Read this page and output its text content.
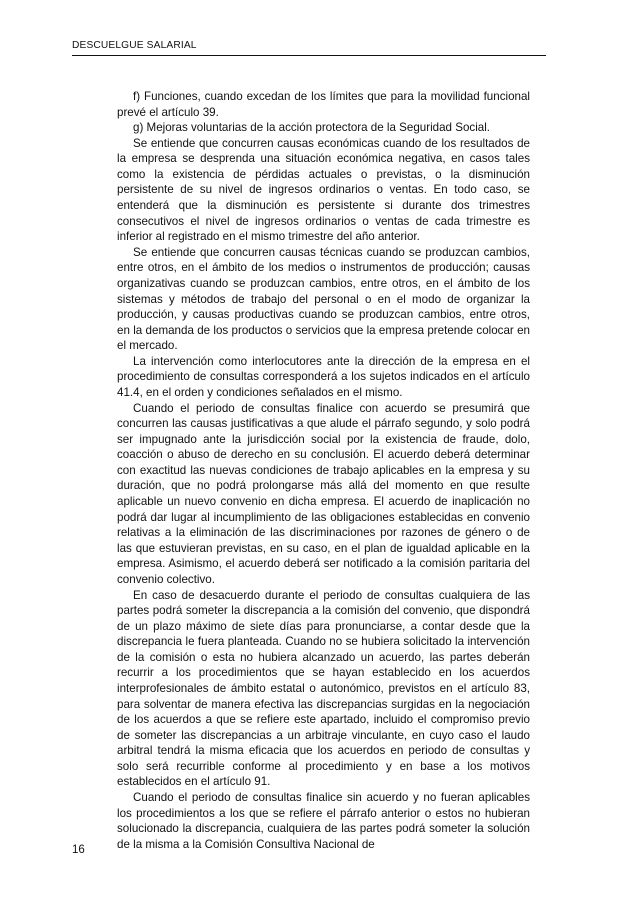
DESCUELGUE SALARIAL

f) Funciones, cuando excedan de los límites que para la movilidad funcional prevé el artículo 39.

g) Mejoras voluntarias de la acción protectora de la Seguridad Social.

Se entiende que concurren causas económicas cuando de los resultados de la empresa se desprenda una situación económica negativa, en casos tales como la existencia de pérdidas actuales o previstas, o la disminución persistente de su nivel de ingresos ordinarios o ventas. En todo caso, se entenderá que la disminución es persistente si durante dos trimestres consecutivos el nivel de ingresos ordinarios o ventas de cada trimestre es inferior al registrado en el mismo trimestre del año anterior.

Se entiende que concurren causas técnicas cuando se produzcan cambios, entre otros, en el ámbito de los medios o instrumentos de producción; causas organizativas cuando se produzcan cambios, entre otros, en el ámbito de los sistemas y métodos de trabajo del personal o en el modo de organizar la producción, y causas productivas cuando se produzcan cambios, entre otros, en la demanda de los productos o servicios que la empresa pretende colocar en el mercado.

La intervención como interlocutores ante la dirección de la empresa en el procedimiento de consultas corresponderá a los sujetos indicados en el artículo 41.4, en el orden y condiciones señalados en el mismo.

Cuando el periodo de consultas finalice con acuerdo se presumirá que concurren las causas justificativas a que alude el párrafo segundo, y solo podrá ser impugnado ante la jurisdicción social por la existencia de fraude, dolo, coacción o abuso de derecho en su conclusión. El acuerdo deberá determinar con exactitud las nuevas condiciones de trabajo aplicables en la empresa y su duración, que no podrá prolongarse más allá del momento en que resulte aplicable un nuevo convenio en dicha empresa. El acuerdo de inaplicación no podrá dar lugar al incumplimiento de las obligaciones establecidas en convenio relativas a la eliminación de las discriminaciones por razones de género o de las que estuvieran previstas, en su caso, en el plan de igualdad aplicable en la empresa. Asimismo, el acuerdo deberá ser notificado a la comisión paritaria del convenio colectivo.

En caso de desacuerdo durante el periodo de consultas cualquiera de las partes podrá someter la discrepancia a la comisión del convenio, que dispondrá de un plazo máximo de siete días para pronunciarse, a contar desde que la discrepancia le fuera planteada. Cuando no se hubiera solicitado la intervención de la comisión o esta no hubiera alcanzado un acuerdo, las partes deberán recurrir a los procedimientos que se hayan establecido en los acuerdos interprofesionales de ámbito estatal o autonómico, previstos en el artículo 83, para solventar de manera efectiva las discrepancias surgidas en la negociación de los acuerdos a que se refiere este apartado, incluido el compromiso previo de someter las discrepancias a un arbitraje vinculante, en cuyo caso el laudo arbitral tendrá la misma eficacia que los acuerdos en periodo de consultas y solo será recurrible conforme al procedimiento y en base a los motivos establecidos en el artículo 91.

Cuando el periodo de consultas finalice sin acuerdo y no fueran aplicables los procedimientos a los que se refiere el párrafo anterior o estos no hubieran solucionado la discrepancia, cualquiera de las partes podrá someter la solución de la misma a la Comisión Consultiva Nacional de

16
